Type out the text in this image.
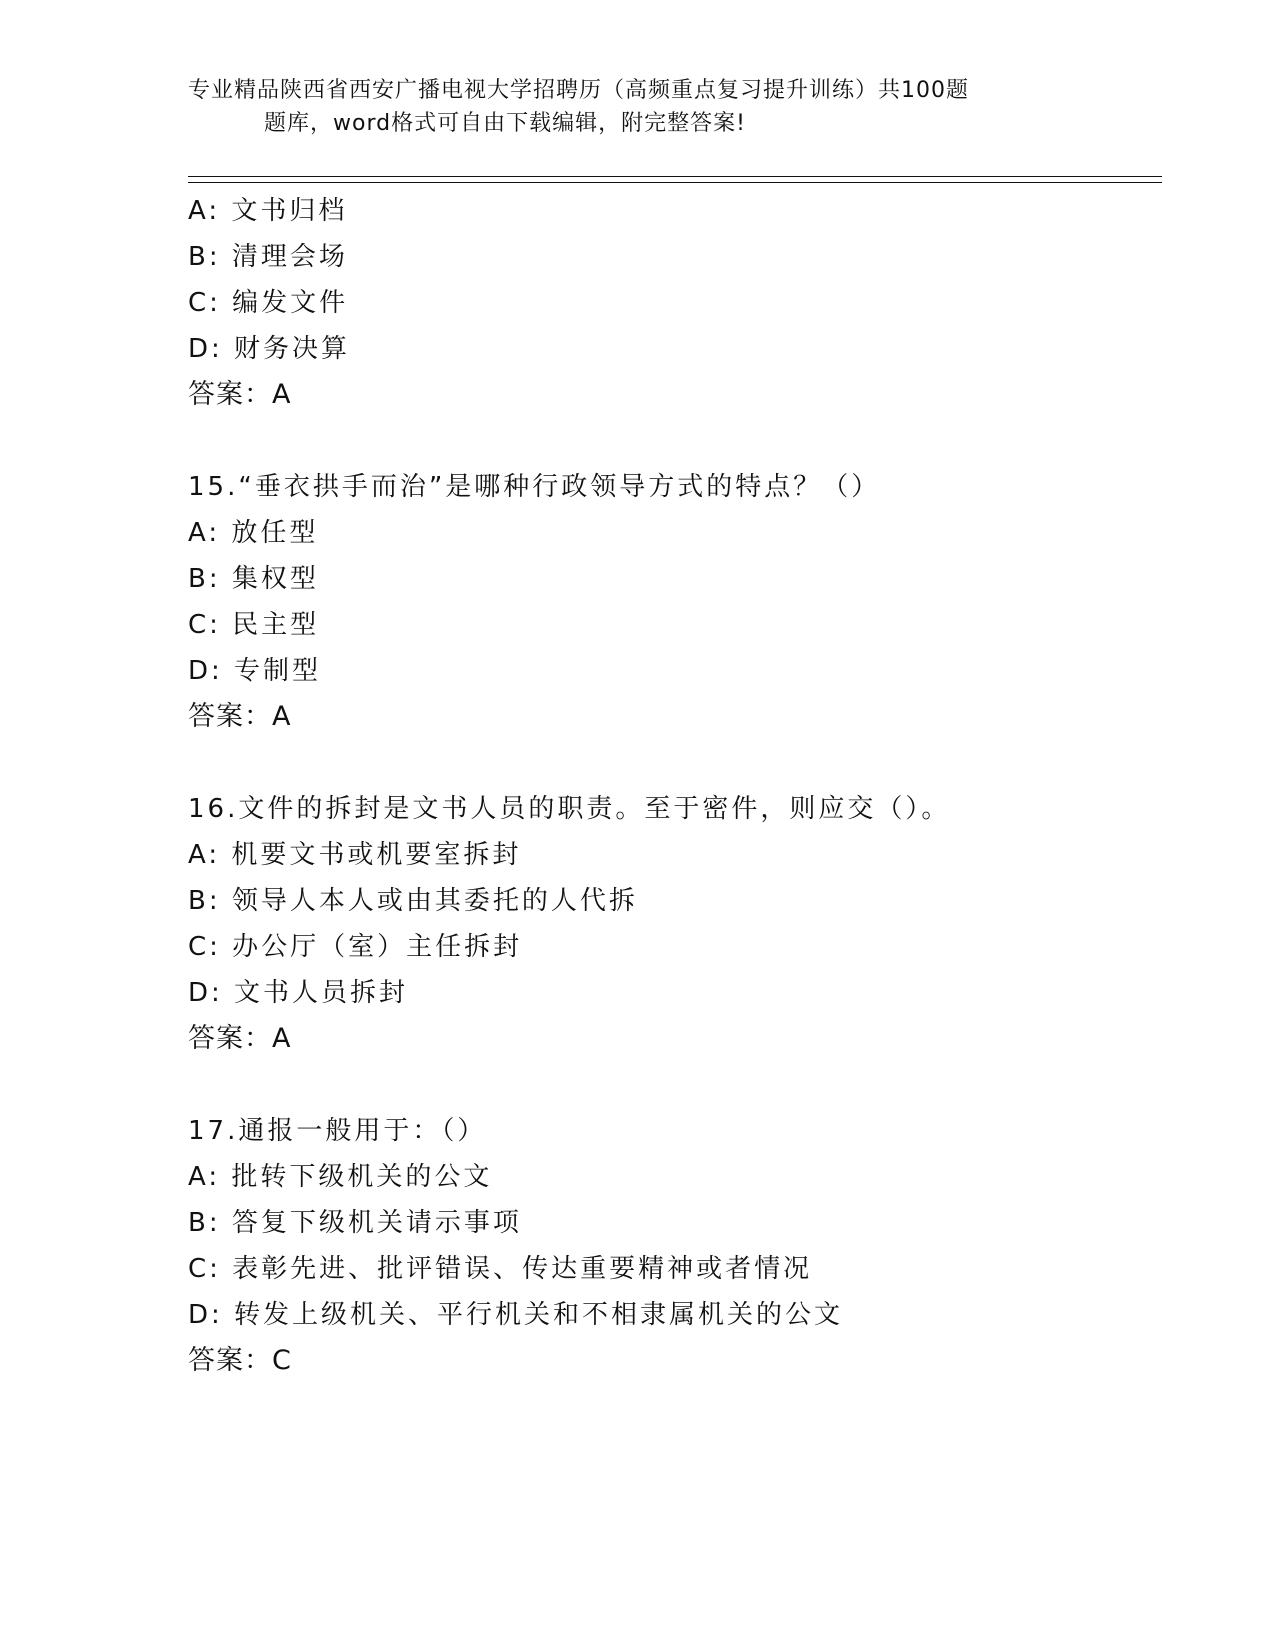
专业精品陕西省西安广播电视大学招聘历（高频重点复习提升训练）共100题
题库，word格式可自由下载编辑，附完整答案!
A: 文书归档
B: 清理会场
C: 编发文件
D: 财务决算
答案：A
15.“垂衣拱手而治”是哪种行政领导方式的特点？（）
A: 放任型
B: 集权型
C: 民主型
D: 专制型
答案：A
16.文件的拆封是文书人员的职责。至于密件，则应交（）。
A: 机要文书或机要室拆封
B: 领导人本人或由其委托的人代拆
C: 办公厅（室）主任拆封
D: 文书人员拆封
答案：A
17.通报一般用于：（）
A: 批转下级机关的公文
B: 答复下级机关请示事项
C: 表彰先进、批评错误、传达重要精神或者情况
D: 转发上级机关、平行机关和不相隶属机关的公文
答案：C
